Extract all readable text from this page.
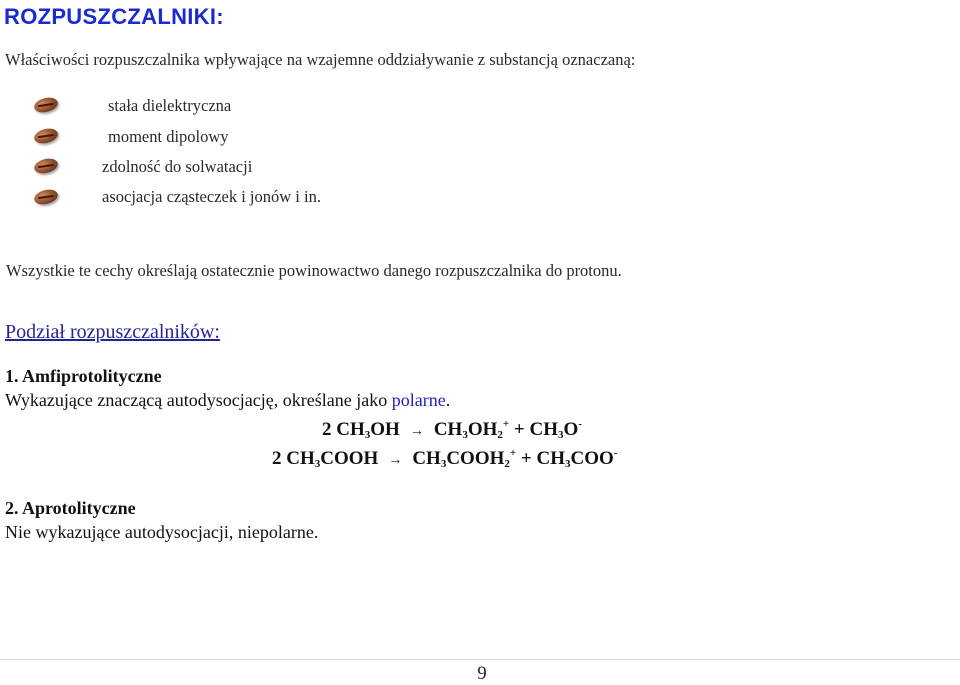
ROZPUSZCZALNIKI:
Właściwości rozpuszczalnika wpływające na wzajemne oddziaływanie z substancją oznaczaną:
stała dielektryczna
moment dipolowy
zdolność do solwatacji
asocjacja cząsteczek i jonów i in.
Wszystkie te cechy określają ostatecznie powinowactwo danego rozpuszczalnika do protonu.
Podział rozpuszczalników:
1. Amfiprotolityczne
Wykazujące znaczącą autodysocjację, określane jako polarne.
2 $CH_3OH \to CH_3OH_2^+ + CH_3O^-$
2 $CH_3COOH$ → $CH_3COOH_2^+ + CH_3COO^-$
2. Aprotolityczne
Nie wykazujące autodysocjacji, niepolarne.
9
